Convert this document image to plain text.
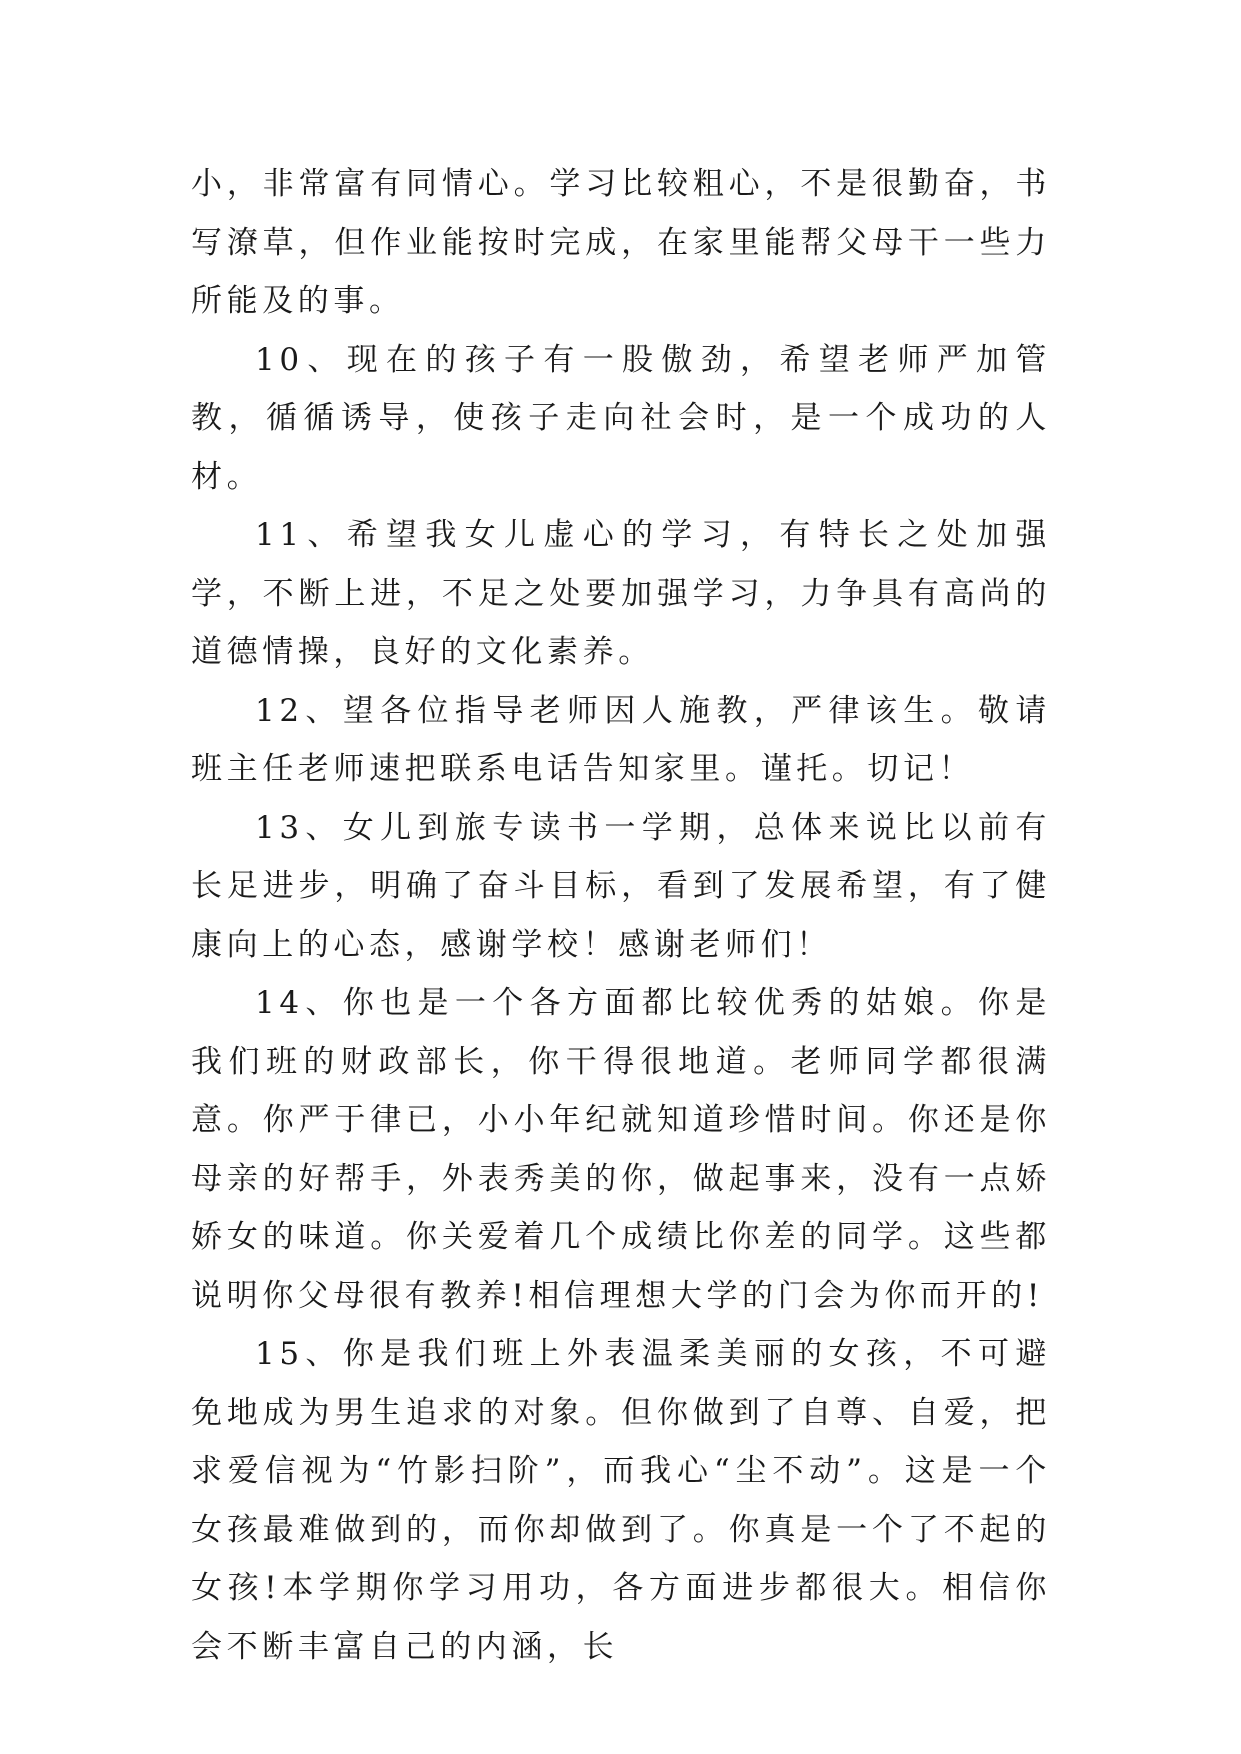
小，非常富有同情心。学习比较粗心，不是很勤奋，书写潦草，但作业能按时完成，在家里能帮父母干一些力所能及的事。

10、现在的孩子有一股傲劲，希望老师严加管教，循循诱导，使孩子走向社会时，是一个成功的人材。

11、希望我女儿虚心的学习，有特长之处加强学，不断上进，不足之处要加强学习，力争具有高尚的道德情操，良好的文化素养。

12、望各位指导老师因人施教，严律该生。敬请班主任老师速把联系电话告知家里。谨托。切记！

13、女儿到旅专读书一学期，总体来说比以前有长足进步，明确了奋斗目标，看到了发展希望，有了健康向上的心态，感谢学校！感谢老师们！

14、你也是一个各方面都比较优秀的姑娘。你是我们班的财政部长，你干得很地道。老师同学都很满意。你严于律已，小小年纪就知道珍惜时间。你还是你母亲的好帮手，外表秀美的你，做起事来，没有一点娇娇女的味道。你关爱着几个成绩比你差的同学。这些都说明你父母很有教养!相信理想大学的门会为你而开的!

15、你是我们班上外表温柔美丽的女孩，不可避免地成为男生追求的对象。但你做到了自尊、自爱，把求爱信视为“竹影扫阶”，而我心“尘不动”。这是一个女孩最难做到的，而你却做到了。你真是一个了不起的女孩!本学期你学习用功，各方面进步都很大。相信你会不断丰富自己的内涵，长
